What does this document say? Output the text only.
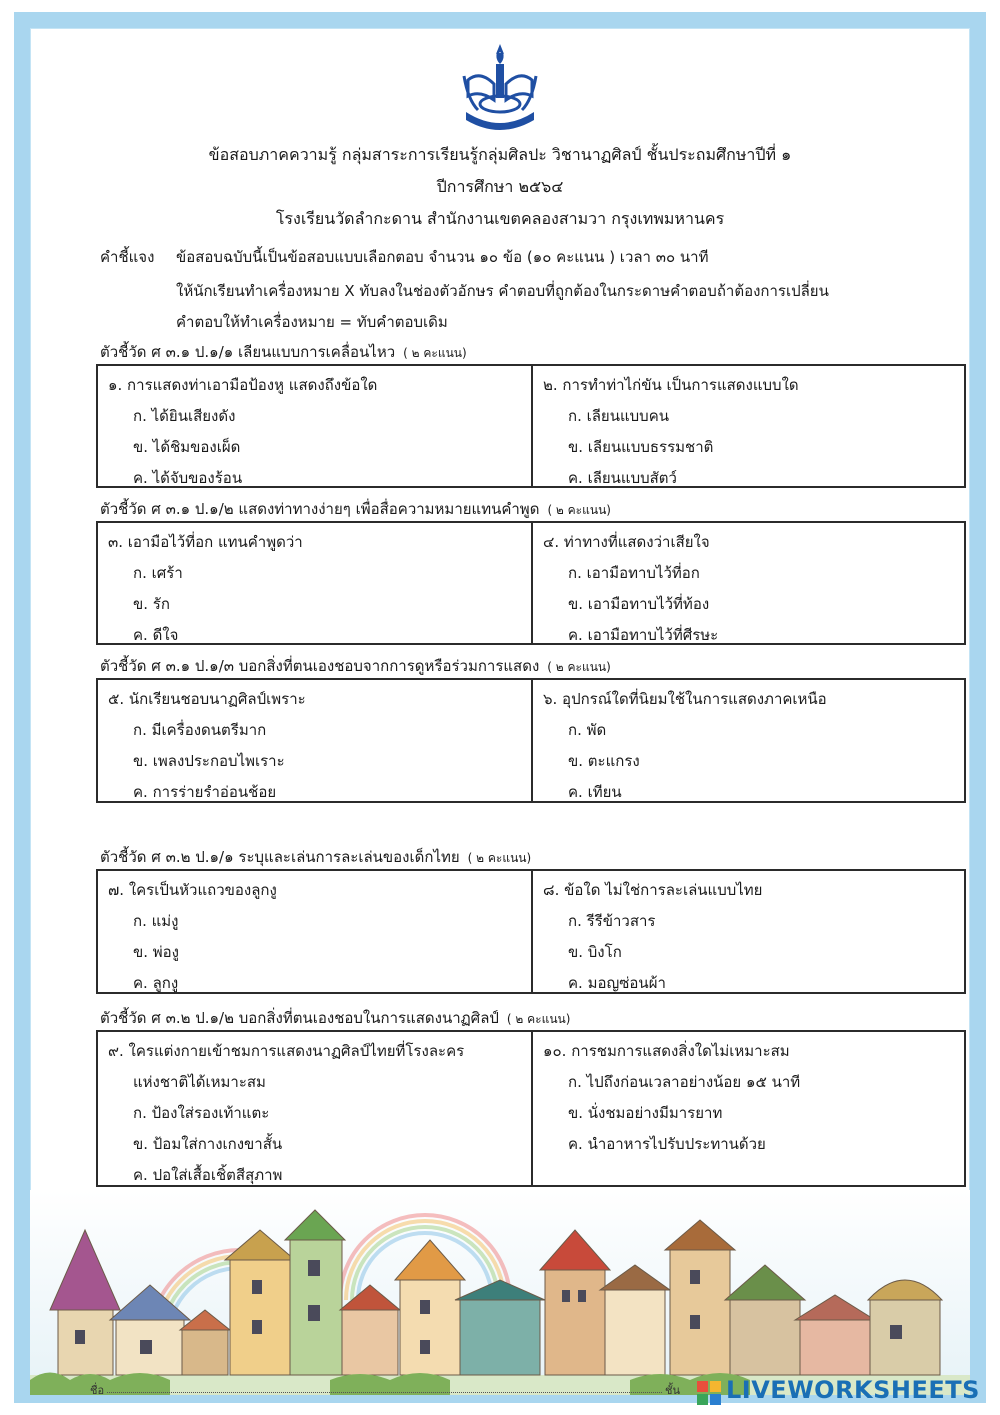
ข้อสอบภาคความรู้ กลุ่มสาระการเรียนรู้กลุ่มศิลปะ วิชานาฏศิลป์ ชั้นประถมศึกษาปีที่ ๑
ปีการศึกษา ๒๕๖๔
โรงเรียนวัดลำกะดาน สำนักงานเขตคลองสามวา กรุงเทพมหานคร
คำชี้แจง ข้อสอบฉบับนี้เป็นข้อสอบแบบเลือกตอบ จำนวน ๑๐ ข้อ (๑๐ คะแนน ) เวลา ๓๐ นาที
ให้นักเรียนทำเครื่องหมาย X ทับลงในช่องตัวอักษร คำตอบที่ถูกต้องในกระดาษคำตอบถ้าต้องการเปลี่ยน
คำตอบให้ทำเครื่องหมาย = ทับคำตอบเดิม
ตัวชี้วัด ศ ๓.๑ ป.๑/๑ เลียนแบบการเคลื่อนไหว ( ๒ คะแนน)
๑. การแสดงท่าเอามือป้องหู แสดงถึงข้อใด
ก. ได้ยินเสียงดัง
ข. ได้ชิมของเผ็ด
ค. ได้จับของร้อน
๒. การทำท่าไก่ขัน เป็นการแสดงแบบใด
ก. เลียนแบบคน
ข. เลียนแบบธรรมชาติ
ค. เลียนแบบสัตว์
ตัวชี้วัด ศ ๓.๑ ป.๑/๒ แสดงท่าทางง่ายๆ เพื่อสื่อความหมายแทนคำพูด ( ๒ คะแนน)
๓. เอามือไว้ที่อก แทนคำพูดว่า
ก. เศร้า
ข. รัก
ค. ดีใจ
๔. ท่าทางที่แสดงว่าเสียใจ
ก. เอามือทาบไว้ที่อก
ข. เอามือทาบไว้ที่ท้อง
ค. เอามือทาบไว้ที่ศีรษะ
ตัวชี้วัด ศ ๓.๑ ป.๑/๓ บอกสิ่งที่ตนเองชอบจากการดูหรือร่วมการแสดง ( ๒ คะแนน)
๕. นักเรียนชอบนาฏศิลป์เพราะ
ก. มีเครื่องดนตรีมาก
ข. เพลงประกอบไพเราะ
ค. การร่ายรำอ่อนช้อย
๖. อุปกรณ์ใดที่นิยมใช้ในการแสดงภาคเหนือ
ก. พัด
ข. ตะแกรง
ค. เทียน
ตัวชี้วัด ศ ๓.๒ ป.๑/๑ ระบุและเล่นการละเล่นของเด็กไทย ( ๒ คะแนน)
๗. ใครเป็นหัวแถวของลูกงู
ก. แม่งู
ข. พ่องู
ค. ลูกงู
๘. ข้อใด ไม่ใช่การละเล่นแบบไทย
ก. รีรีข้าวสาร
ข. บิงโก
ค. มอญซ่อนผ้า
ตัวชี้วัด ศ ๓.๒ ป.๑/๒ บอกสิ่งที่ตนเองชอบในการแสดงนาฏศิลป์ ( ๒ คะแนน)
๙. ใครแต่งกายเข้าชมการแสดงนาฏศิลป์ไทยที่โรงละคร
แห่งชาติได้เหมาะสม
ก. ป้องใส่รองเท้าแตะ
ข. ป้อมใส่กางเกงขาสั้น
ค. ปอใส่เสื้อเชิ้ตสีสุภาพ
๑๐. การชมการแสดงสิ่งใดไม่เหมาะสม
ก. ไปถึงก่อนเวลาอย่างน้อย ๑๕ นาที
ข. นั่งชมอย่างมีมารยาท
ค. นำอาหารไปรับประทานด้วย
ชื่อ	ชั้น LIVEWORKSHEETS
